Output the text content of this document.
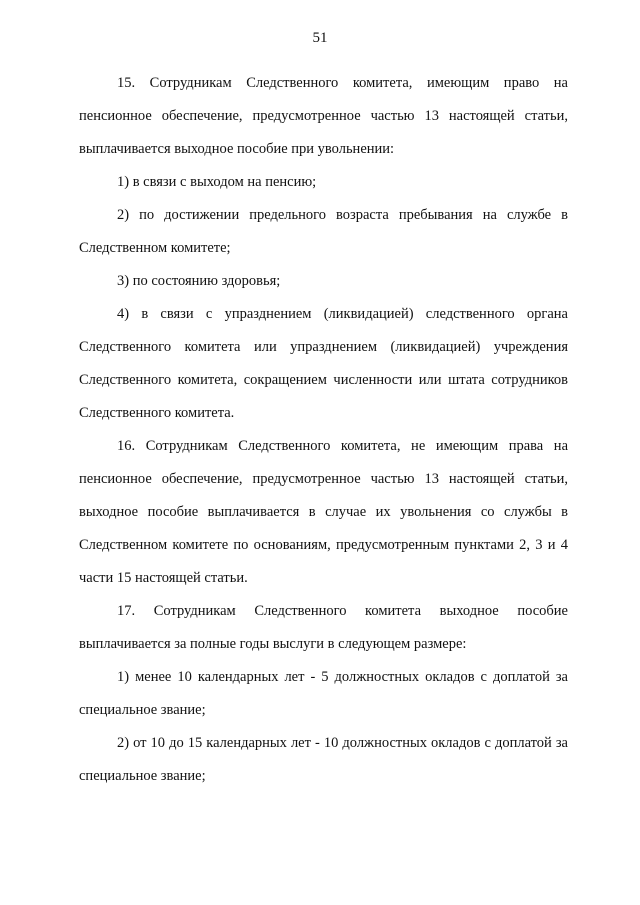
51

15. Сотрудникам Следственного комитета, имеющим право на

пенсионное обеспечение, предусмотренное частью 13 настоящей статьи,

выплачивается выходное пособие при увольнении:

1) в связи с выходом на пенсию;

2) по достижении предельного возраста пребывания на службе в

Следственном комитете;

3) по состоянию здоровья;

4) в связи с упразднением (ликвидацией) следственного органа

Следственного комитета или упразднением (ликвидацией) учреждения

Следственного комитета, сокращением численности или штата сотрудников

Следственного комитета.

16. Сотрудникам Следственного комитета, не имеющим права на

пенсионное обеспечение, предусмотренное частью 13 настоящей статьи,

выходное пособие выплачивается в случае их увольнения со службы в

Следственном комитете по основаниям, предусмотренным пунктами 2, 3 и 4

части 15 настоящей статьи.

17. Сотрудникам Следственного комитета выходное пособие

выплачивается за полные годы выслуги в следующем размере:

1) менее 10 календарных лет - 5 должностных окладов с доплатой за

специальное звание;

2) от 10 до 15 календарных лет - 10 должностных окладов с доплатой за

специальное звание;
